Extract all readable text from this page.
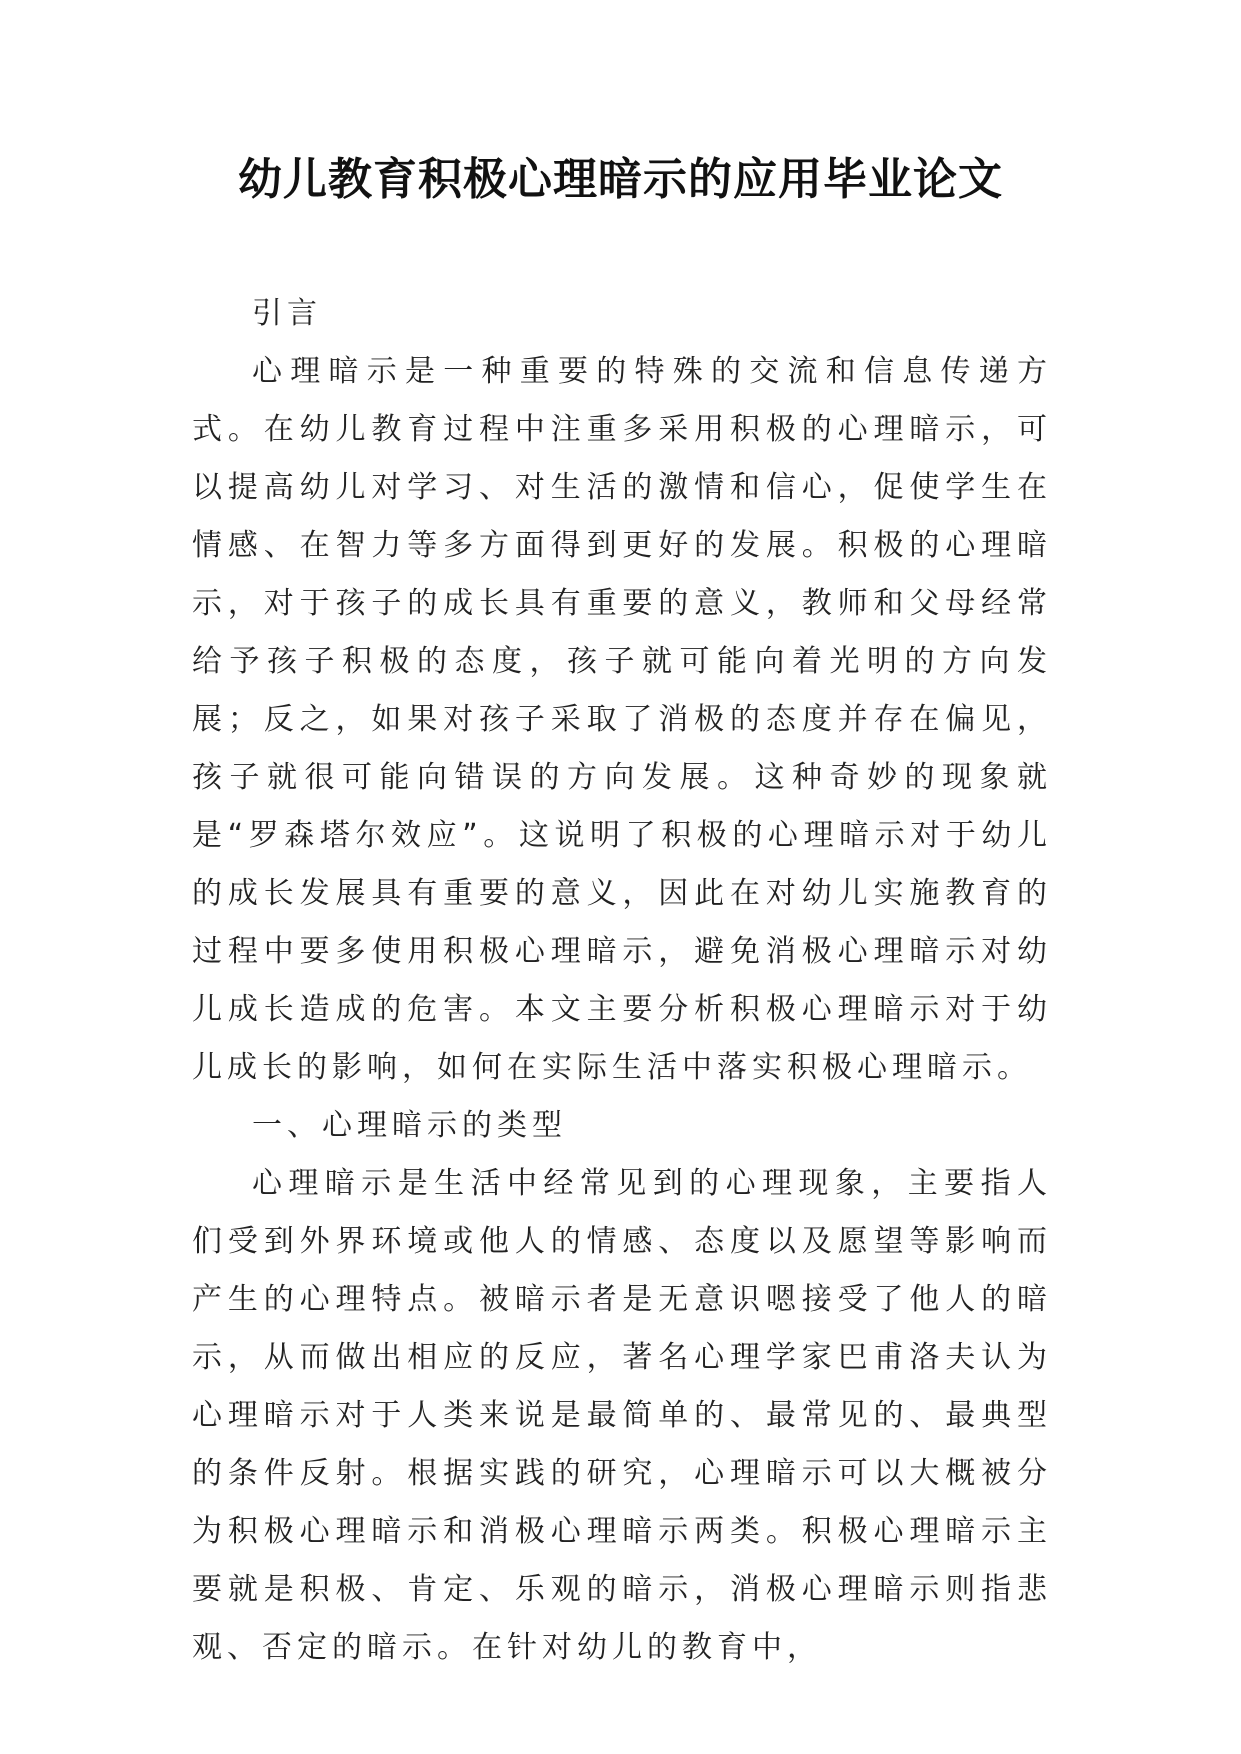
幼儿教育积极心理暗示的应用毕业论文

引言

心理暗示是一种重要的特殊的交流和信息传递方式。在幼儿教育过程中注重多采用积极的心理暗示，可以提高幼儿对学习、对生活的激情和信心，促使学生在情感、在智力等多方面得到更好的发展。积极的心理暗示，对于孩子的成长具有重要的意义，教师和父母经常给予孩子积极的态度，孩子就可能向着光明的方向发展；反之，如果对孩子采取了消极的态度并存在偏见，孩子就很可能向错误的方向发展。这种奇妙的现象就是“罗森塔尔效应”。这说明了积极的心理暗示对于幼儿的成长发展具有重要的意义，因此在对幼儿实施教育的过程中要多使用积极心理暗示，避免消极心理暗示对幼儿成长造成的危害。本文主要分析积极心理暗示对于幼儿成长的影响，如何在实际生活中落实积极心理暗示。

一、心理暗示的类型

心理暗示是生活中经常见到的心理现象，主要指人们受到外界环境或他人的情感、态度以及愿望等影响而产生的心理特点。被暗示者是无意识嗯接受了他人的暗示，从而做出相应的反应，著名心理学家巴甫洛夫认为心理暗示对于人类来说是最简单的、最常见的、最典型的条件反射。根据实践的研究，心理暗示可以大概被分为积极心理暗示和消极心理暗示两类。积极心理暗示主要就是积极、肯定、乐观的暗示，消极心理暗示则指悲观、否定的暗示。在针对幼儿的教育中，
